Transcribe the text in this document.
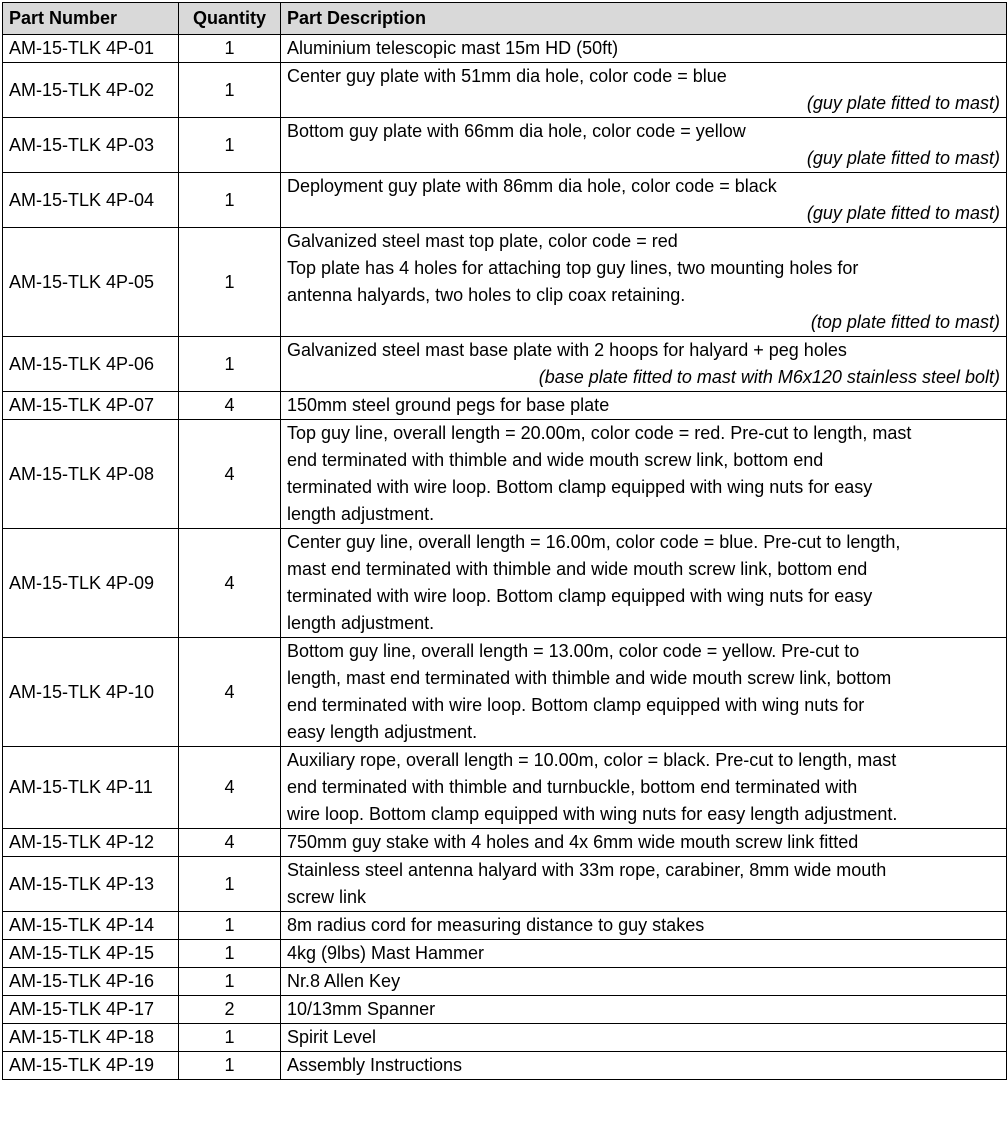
Part Number	Quantity	Part Description
AM-15-TLK 4P-01	1	Aluminium telescopic mast 15m HD (50ft)

AM-15-TLK 4P-02	1	Center guy plate with 51mm dia hole, color code = blue
(guy plate fitted to mast)

AM-15-TLK 4P-03	1	Bottom guy plate with 66mm dia hole, color code = yellow
(guy plate fitted to mast)

AM-15-TLK 4P-04	1	Deployment guy plate with 86mm dia hole, color code = black
(guy plate fitted to mast)

AM-15-TLK 4P-05	1	Galvanized steel mast top plate, color code = red
Top plate has 4 holes for attaching top guy lines, two mounting holes for
antenna halyards, two holes to clip coax retaining.
(top plate fitted to mast)

AM-15-TLK 4P-06	1	Galvanized steel mast base plate with 2 hoops for halyard + peg holes
(base plate fitted to mast with M6x120 stainless steel bolt)

AM-15-TLK 4P-07	4	150mm steel ground pegs for base plate

AM-15-TLK 4P-08	4	Top guy line, overall length = 20.00m, color code = red. Pre-cut to length, mast
end terminated with thimble and wide mouth screw link, bottom end
terminated with wire loop. Bottom clamp equipped with wing nuts for easy
length adjustment.

AM-15-TLK 4P-09	4	Center guy line, overall length = 16.00m, color code = blue. Pre-cut to length,
mast end terminated with thimble and wide mouth screw link, bottom end
terminated with wire loop. Bottom clamp equipped with wing nuts for easy
length adjustment.

AM-15-TLK 4P-10	4	Bottom guy line, overall length = 13.00m, color code = yellow. Pre-cut to
length, mast end terminated with thimble and wide mouth screw link, bottom
end terminated with wire loop. Bottom clamp equipped with wing nuts for
easy length adjustment.

AM-15-TLK 4P-11	4	Auxiliary rope, overall length = 10.00m, color = black. Pre-cut to length, mast
end terminated with thimble and turnbuckle, bottom end terminated with
wire loop. Bottom clamp equipped with wing nuts for easy length adjustment.

AM-15-TLK 4P-12	4	750mm guy stake with 4 holes and 4x 6mm wide mouth screw link fitted

AM-15-TLK 4P-13	1	Stainless steel antenna halyard with 33m rope, carabiner, 8mm wide mouth
screw link

AM-15-TLK 4P-14	1	8m radius cord for measuring distance to guy stakes

AM-15-TLK 4P-15	1	4kg (9lbs) Mast Hammer

AM-15-TLK 4P-16	1	Nr.8 Allen Key

AM-15-TLK 4P-17	2	10/13mm Spanner

AM-15-TLK 4P-18	1	Spirit Level

AM-15-TLK 4P-19	1	Assembly Instructions
